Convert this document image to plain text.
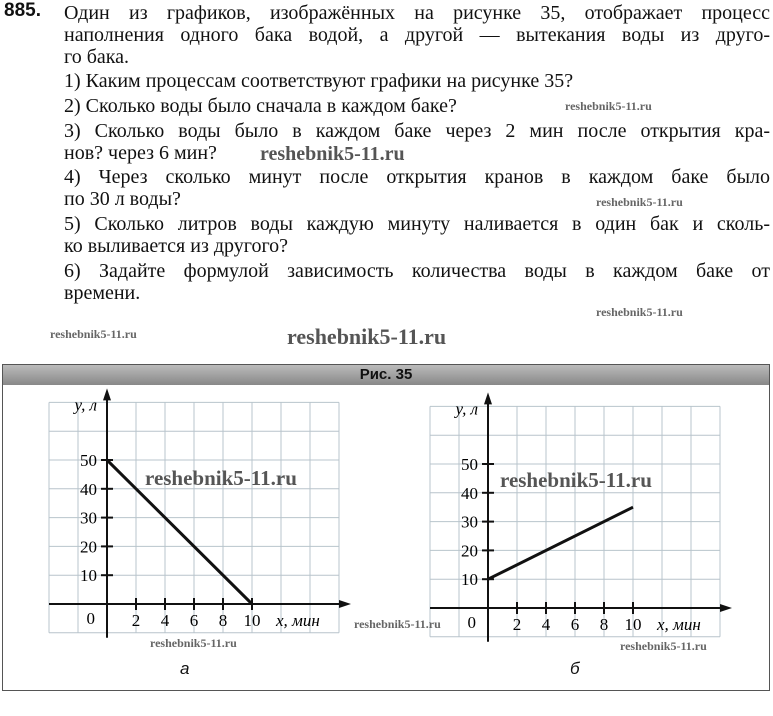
885. Один из графиков, изображённых на рисунке 35, отображает процесс
наполнения одного бака водой, а другой — вытекания воды из друго-
го бака.
1) Каким процессам соответствуют графики на рисунке 35?
2) Сколько воды было сначала в каждом баке?
3) Сколько воды было в каждом баке через 2 мин после открытия кра-
нов? через 6 мин?
4) Через сколько минут после открытия кранов в каждом баке было
по 30 л воды?
5) Сколько литров воды каждую минуту наливается в один бак и сколь-
ко выливается из другого?
6) Задайте формулой зависимость количества воды в каждом баке от
времени.
reshebnik5-11.ru
reshebnik5-11.ru
reshebnik5-11.ru
reshebnik5-11.ru
reshebnik5-11.ru	reshebnik5-11.ru
Рис. 35
2 4 6 8 10
10
20
30
40
50
0	x, мин
y, л
2 4 6 8 10
10
20
30
40
50
0	x, мин
y, л
а	б
reshebnik5-11.ru
reshebnik5-11.ru
reshebnik5-11.ru
reshebnik5-11.ru
reshebnik5-11.ru
